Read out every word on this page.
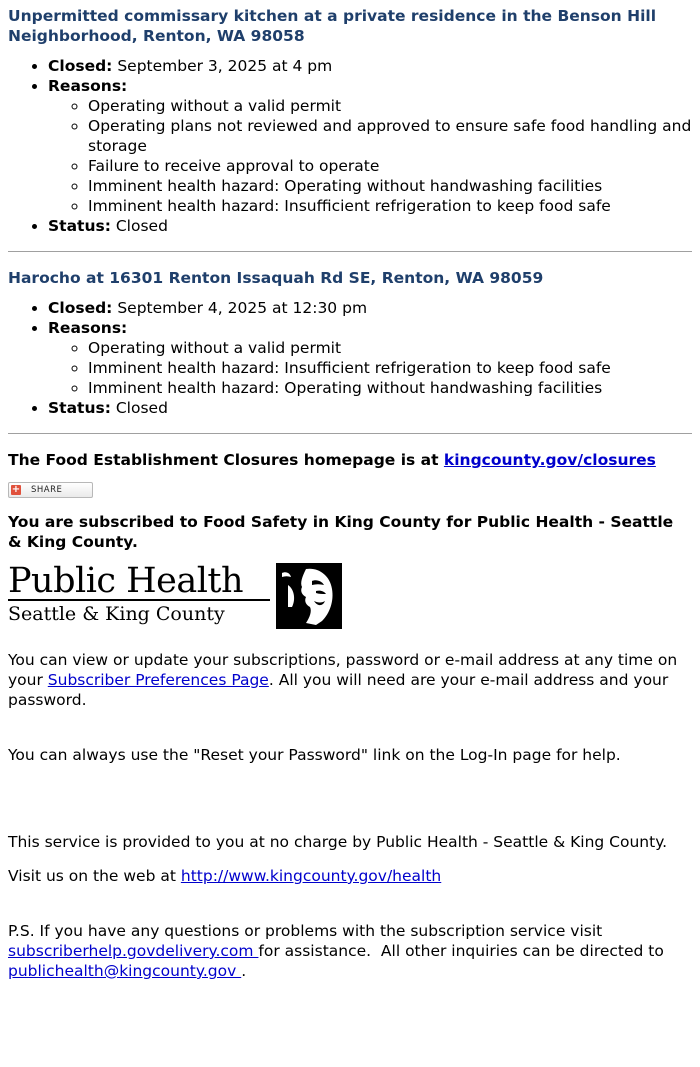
Unpermitted commissary kitchen at a private residence in the Benson Hill Neighborhood, Renton, WA 98058
• Closed: September 3, 2025 at 4 pm
• Reasons:
◦ Operating without a valid permit
◦ Operating plans not reviewed and approved to ensure safe food handling and storage
◦ Failure to receive approval to operate
◦ Imminent health hazard: Operating without handwashing facilities
◦ Imminent health hazard: Insufficient refrigeration to keep food safe
• Status: Closed
Harocho at 16301 Renton Issaquah Rd SE, Renton, WA 98059
• Closed: September 4, 2025 at 12:30 pm
• Reasons:
◦ Operating without a valid permit
◦ Imminent health hazard: Insufficient refrigeration to keep food safe
◦ Imminent health hazard: Operating without handwashing facilities
• Status: Closed
The Food Establishment Closures homepage is at kingcounty.gov/closures
+ SHARE
You are subscribed to Food Safety in King County for Public Health - Seattle & King County.
Public Health
Seattle & King County

You can view or update your subscriptions, password or e-mail address at any time on your Subscriber Preferences Page. All you will need are your e-mail address and your password.

You can always use the "Reset your Password" link on the Log-In page for help.

This service is provided to you at no charge by Public Health - Seattle & King County.

Visit us on the web at http://www.kingcounty.gov/health

P.S. If you have any questions or problems with the subscription service visit subscriberhelp.govdelivery.com for assistance.  All other inquiries can be directed to publichealth@kingcounty.gov .
